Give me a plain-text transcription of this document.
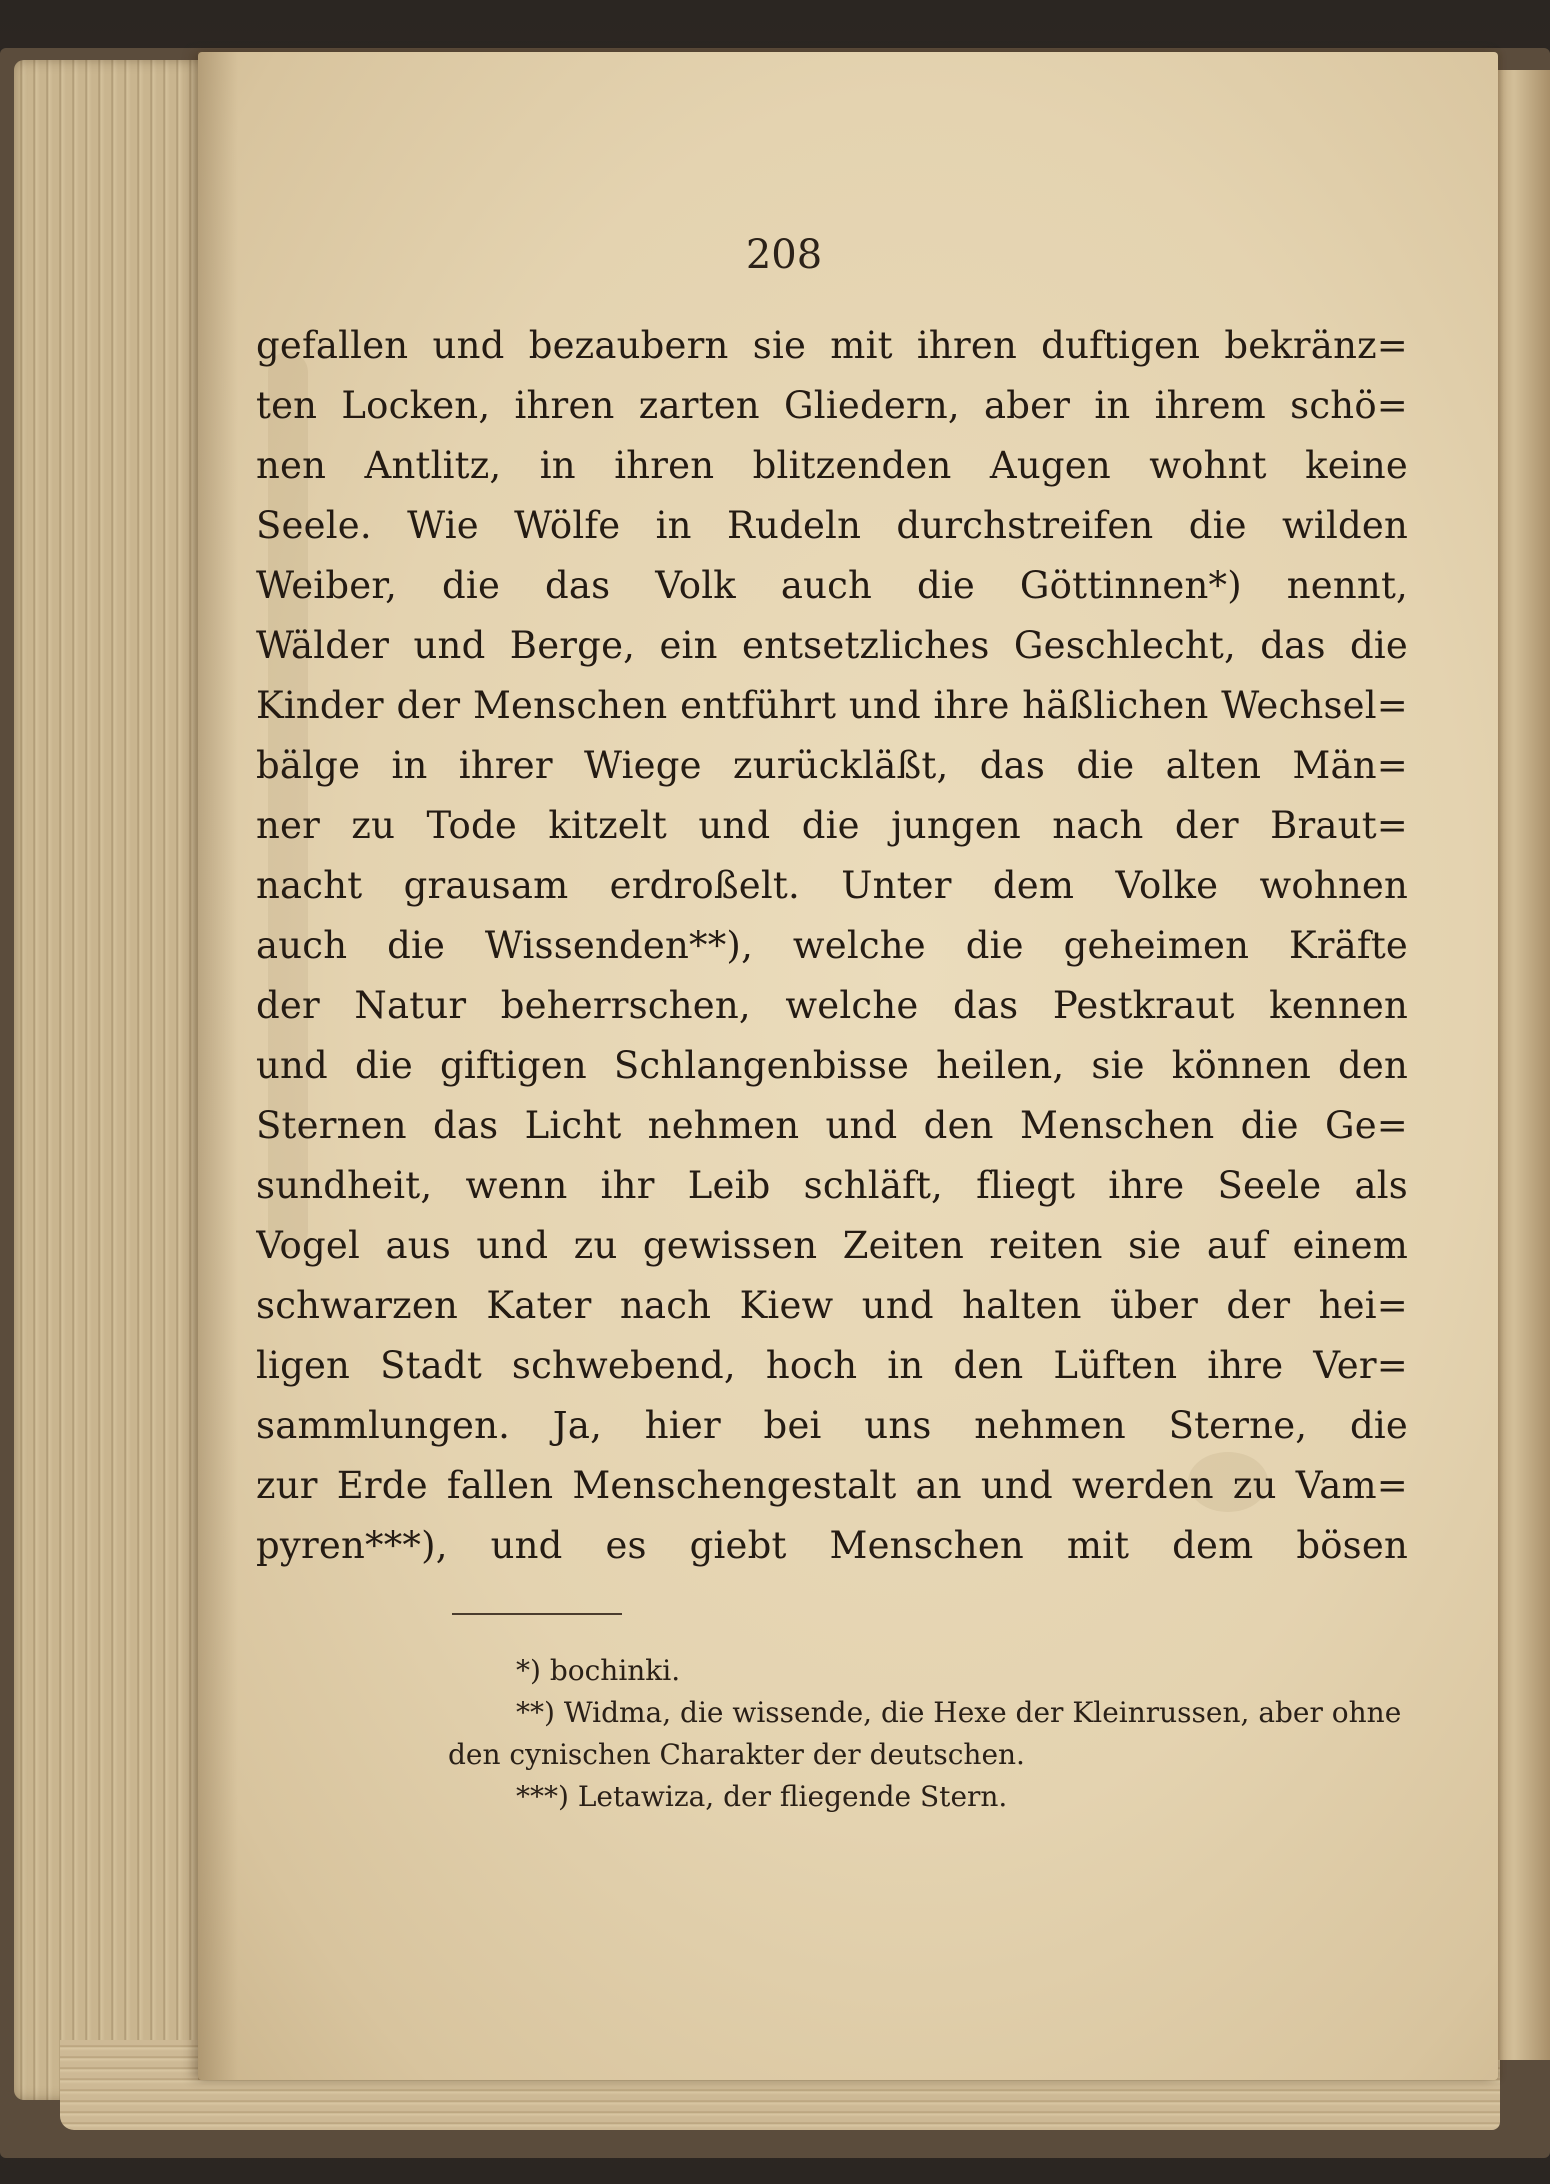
208
gefallen und bezaubern sie mit ihren duftigen bekränz=
ten Locken, ihren zarten Gliedern, aber in ihrem schö=
nen Antlitz, in ihren blitzenden Augen wohnt keine
Seele. Wie Wölfe in Rudeln durchstreifen die wilden
Weiber, die das Volk auch die Göttinnen*) nennt,
Wälder und Berge, ein entsetzliches Geschlecht, das die
Kinder der Menschen entführt und ihre häßlichen Wechsel=
bälge in ihrer Wiege zurückläßt, das die alten Män=
ner zu Tode kitzelt und die jungen nach der Braut=
nacht grausam erdroßelt. Unter dem Volke wohnen
auch die Wissenden**), welche die geheimen Kräfte
der Natur beherrschen, welche das Pestkraut kennen
und die giftigen Schlangenbisse heilen, sie können den
Sternen das Licht nehmen und den Menschen die Ge=
sundheit, wenn ihr Leib schläft, fliegt ihre Seele als
Vogel aus und zu gewissen Zeiten reiten sie auf einem
schwarzen Kater nach Kiew und halten über der hei=
ligen Stadt schwebend, hoch in den Lüften ihre Ver=
sammlungen. Ja, hier bei uns nehmen Sterne, die
zur Erde fallen Menschengestalt an und werden zu Vam=
pyren***), und es giebt Menschen mit dem bösen
*) bochinki.
**) Widma, die wissende, die Hexe der Kleinrussen, aber ohne
den cynischen Charakter der deutschen.
***) Letawiza, der fliegende Stern.
